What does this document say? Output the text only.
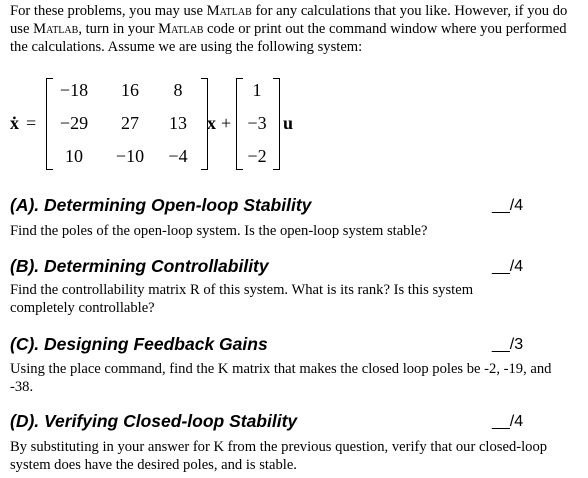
For these problems, you may use Matlab for any calculations that you like. However, if you do use Matlab, turn in your Matlab code or print out the command window where you performed the calculations. Assume we are using the following system:

ẋ =
−18	16	8
−29	27	13
10	−10	−4
x +
1
−3
−2
u
(A). Determining Open-loop Stability	__/4

Find the poles of the open-loop system. Is the open-loop system stable?

(B). Determining Controllability	__/4

Find the controllability matrix R of this system. What is its rank? Is this system completely controllable?

(C). Designing Feedback Gains	__/3

Using the place command, find the K matrix that makes the closed loop poles be -2, -19, and -38.

(D). Verifying Closed-loop Stability	__/4

By substituting in your answer for K from the previous question, verify that our closed-loop system does have the desired poles, and is stable.
